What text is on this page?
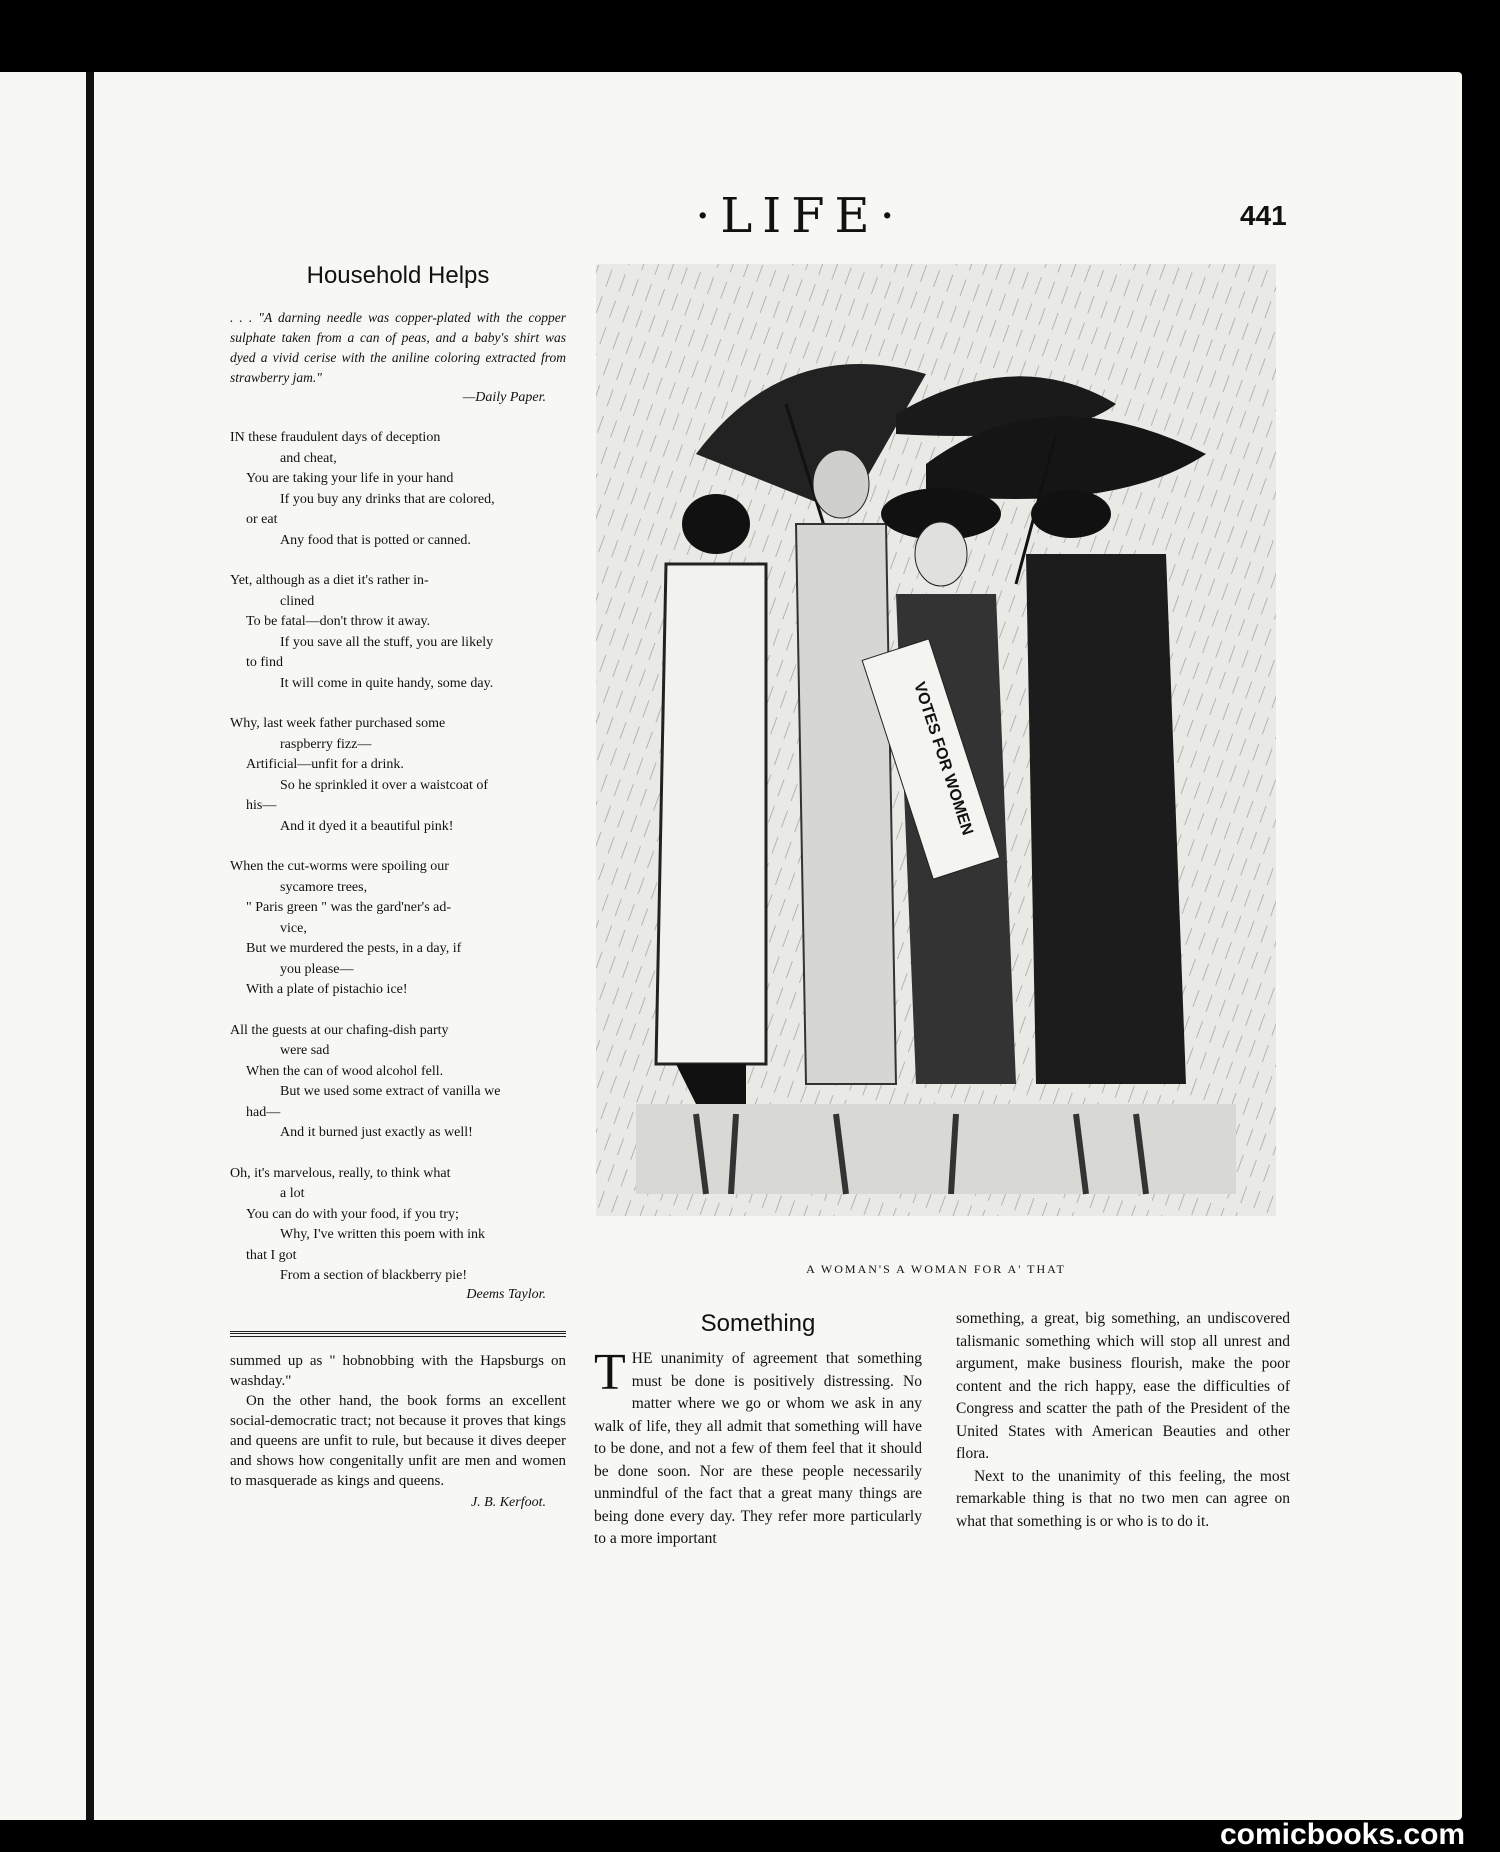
·LIFE·	441
Household Helps
. . . "A darning needle was copper-plated with the copper sulphate taken from a can of peas, and a baby's shirt was dyed a vivid cerise with the aniline coloring extracted from strawberry jam."
—Daily Paper.
IN these fraudulent days of deception
and cheat,
You are taking your life in your hand
If you buy any drinks that are colored,
or eat
Any food that is potted or canned.
Yet, although as a diet it's rather in-
clined
To be fatal—don't throw it away.
If you save all the stuff, you are likely
to find
It will come in quite handy, some day.
Why, last week father purchased some
raspberry fizz—
Artificial—unfit for a drink.
So he sprinkled it over a waistcoat of
his—
And it dyed it a beautiful pink!
When the cut-worms were spoiling our
sycamore trees,
" Paris green " was the gard'ner's ad-
vice,
But we murdered the pests, in a day, if
you please—
With a plate of pistachio ice!
All the guests at our chafing-dish party
were sad
When the can of wood alcohol fell.
But we used some extract of vanilla we
had—
And it burned just exactly as well!
Oh, it's marvelous, really, to think what
a lot
You can do with your food, if you try;
Why, I've written this poem with ink
that I got
From a section of blackberry pie!
Deems Taylor.

summed up as " hobnobbing with the Hapsburgs on washday."

On the other hand, the book forms an excellent social-democratic tract; not because it proves that kings and queens are unfit to rule, but because it dives deeper and shows how congenitally unfit are men and women to masquerade as kings and queens.

J. B. Kerfoot.
VOTES FOR WOMEN
A WOMAN'S A WOMAN FOR A' THAT
Something
T HE unanimity of agreement that something must be done is positively distressing. No matter where we go or whom we ask in any walk of life, they all admit that something will have to be done, and not a few of them feel that it should be done soon. Nor are these people necessarily unmindful of the fact that a great many things are being done every day. They refer more particularly to a more important

something, a great, big something, an undiscovered talismanic something which will stop all unrest and argument, make business flourish, make the poor content and the rich happy, ease the difficulties of Congress and scatter the path of the President of the United States with American Beauties and other flora.

Next to the unanimity of this feeling, the most remarkable thing is that no two men can agree on what that something is or who is to do it.

comicbooks.com
